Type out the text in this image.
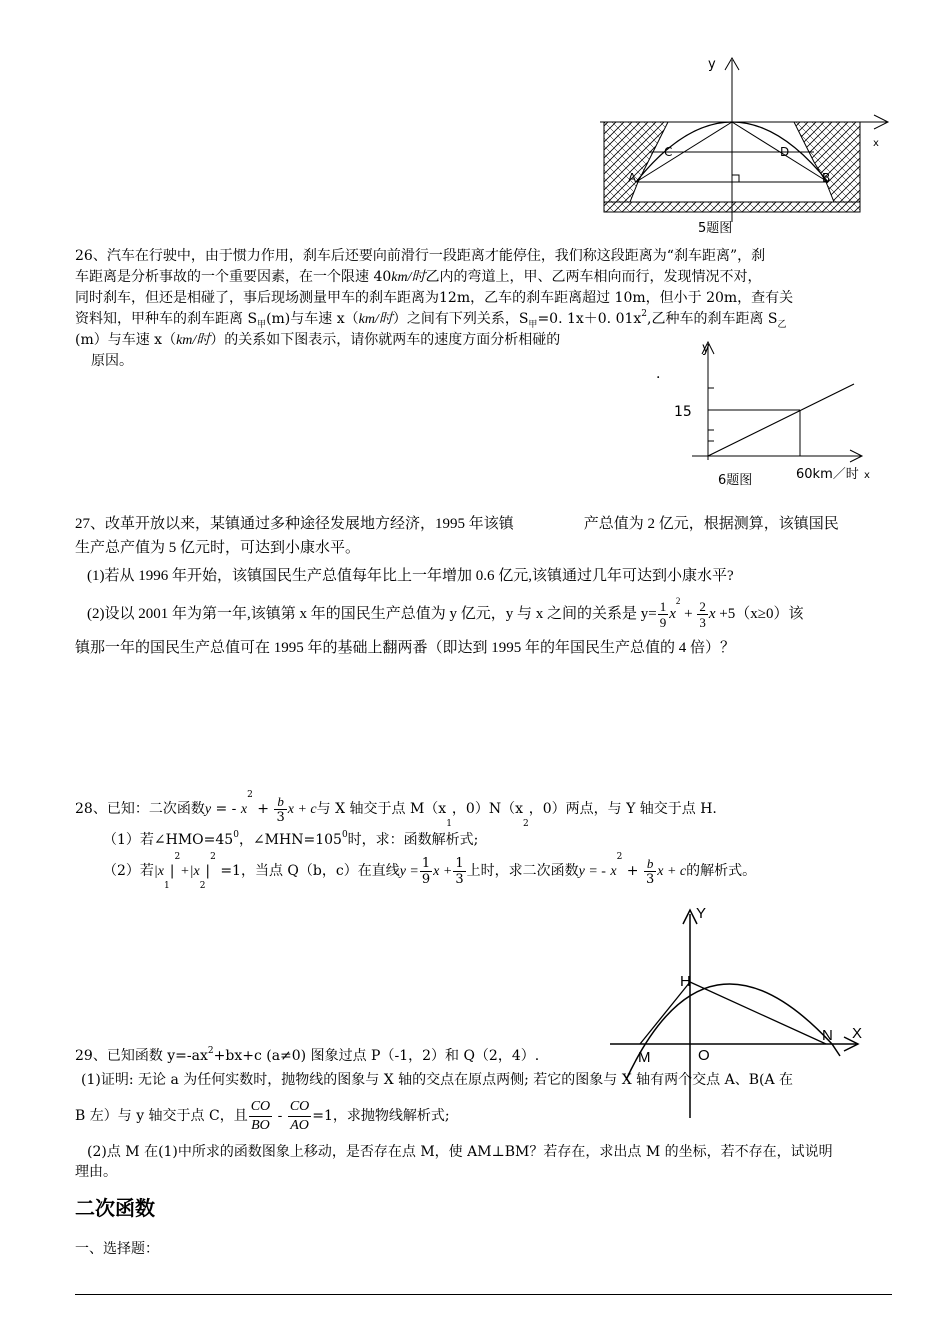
y
x
C	D
A	B
5题图
26、汽车在行驶中，由于惯力作用，刹车后还要向前滑行一段距离才能停住，我们称这段距离为“刹车距离”，刹
车距离是分析事故的一个重要因素，在一个限速 40km/时乙内的弯道上，甲、乙两车相向而行，发现情况不对，
同时刹车，但还是相碰了，事后现场测量甲车的刹车距离为12m，乙车的刹车距离超过 10m，但小于 20m，查有关
资料知，甲种车的刹车距离 S甲(m)与车速 x（km/时）之间有下列关系，S甲=0. 1x＋0. $01x^2$,乙种车的刹车距离 S乙
(m）与车速 x（km/时）的关系如下图表示，请你就两车的速度方面分析相碰的
原因。
·
y
15
60km／时 x
6题图
27、改革开放以来，某镇通过多种途径发展地方经济，1995 年该镇	产总值为 2 亿元，根据测算，该镇国民
生产总产值为 5 亿元时，可达到小康水平。
(1)若从 1996 年开始，该镇国民生产总值每年比上一年增加 0.6 亿元,该镇通过几年可达到小康水平?
(2)设以 2001 年为第一年,该镇第 x 年的国民生产总值为 y 亿元，y 与 x 之间的关系是 $y= \frac{1}{9} x^2 + \frac{2}{3}$ x +5（x≥0）该
镇那一年的国民生产总值可在 1995 年的基础上翻两番（即达到 1995 年的年国民生产总值的 4 倍）？
28、已知：二次函数y = - $x^2 + \frac{b}{3}$ x + c与 X 轴交于点 M（x1，0）N（x2，0）两点，与 Y 轴交于点 H.
（1）若$\angle HMO=45^0$，$\angle MHN=105^0$时，求：函数解析式;
（2）若$|x1|^2+|x2|^2 =1$，当点 Q（b，c）在直线$y = \frac{1}{9}$ $x + \frac{1}{3}$ 上时，求二次函数y = - $x^2 + \frac{b}{3}$ x + c的解析式。
Y
X
H
N
M	O
29、已知函数 $y=-ax^2+bx+c$ (a≠0) 图象过点 P（-1，2）和 Q（2，4）.
(1)证明: 无论 a 为任何实数时，抛物线的图象与 X 轴的交点在原点两侧; 若它的图象与 X 轴有两个交点 A、B(A 在
B 左）与 y 轴交于点 C，且 $\frac{CO}{BO} - \frac{CO}{AO} =1$，求抛物线解析式;
(2)点 M 在(1)中所求的函数图象上移动，是否存在点 M，使 AM⊥BM？若存在，求出点 M 的坐标，若不存在，试说明
理由。
二次函数
一、选择题：
